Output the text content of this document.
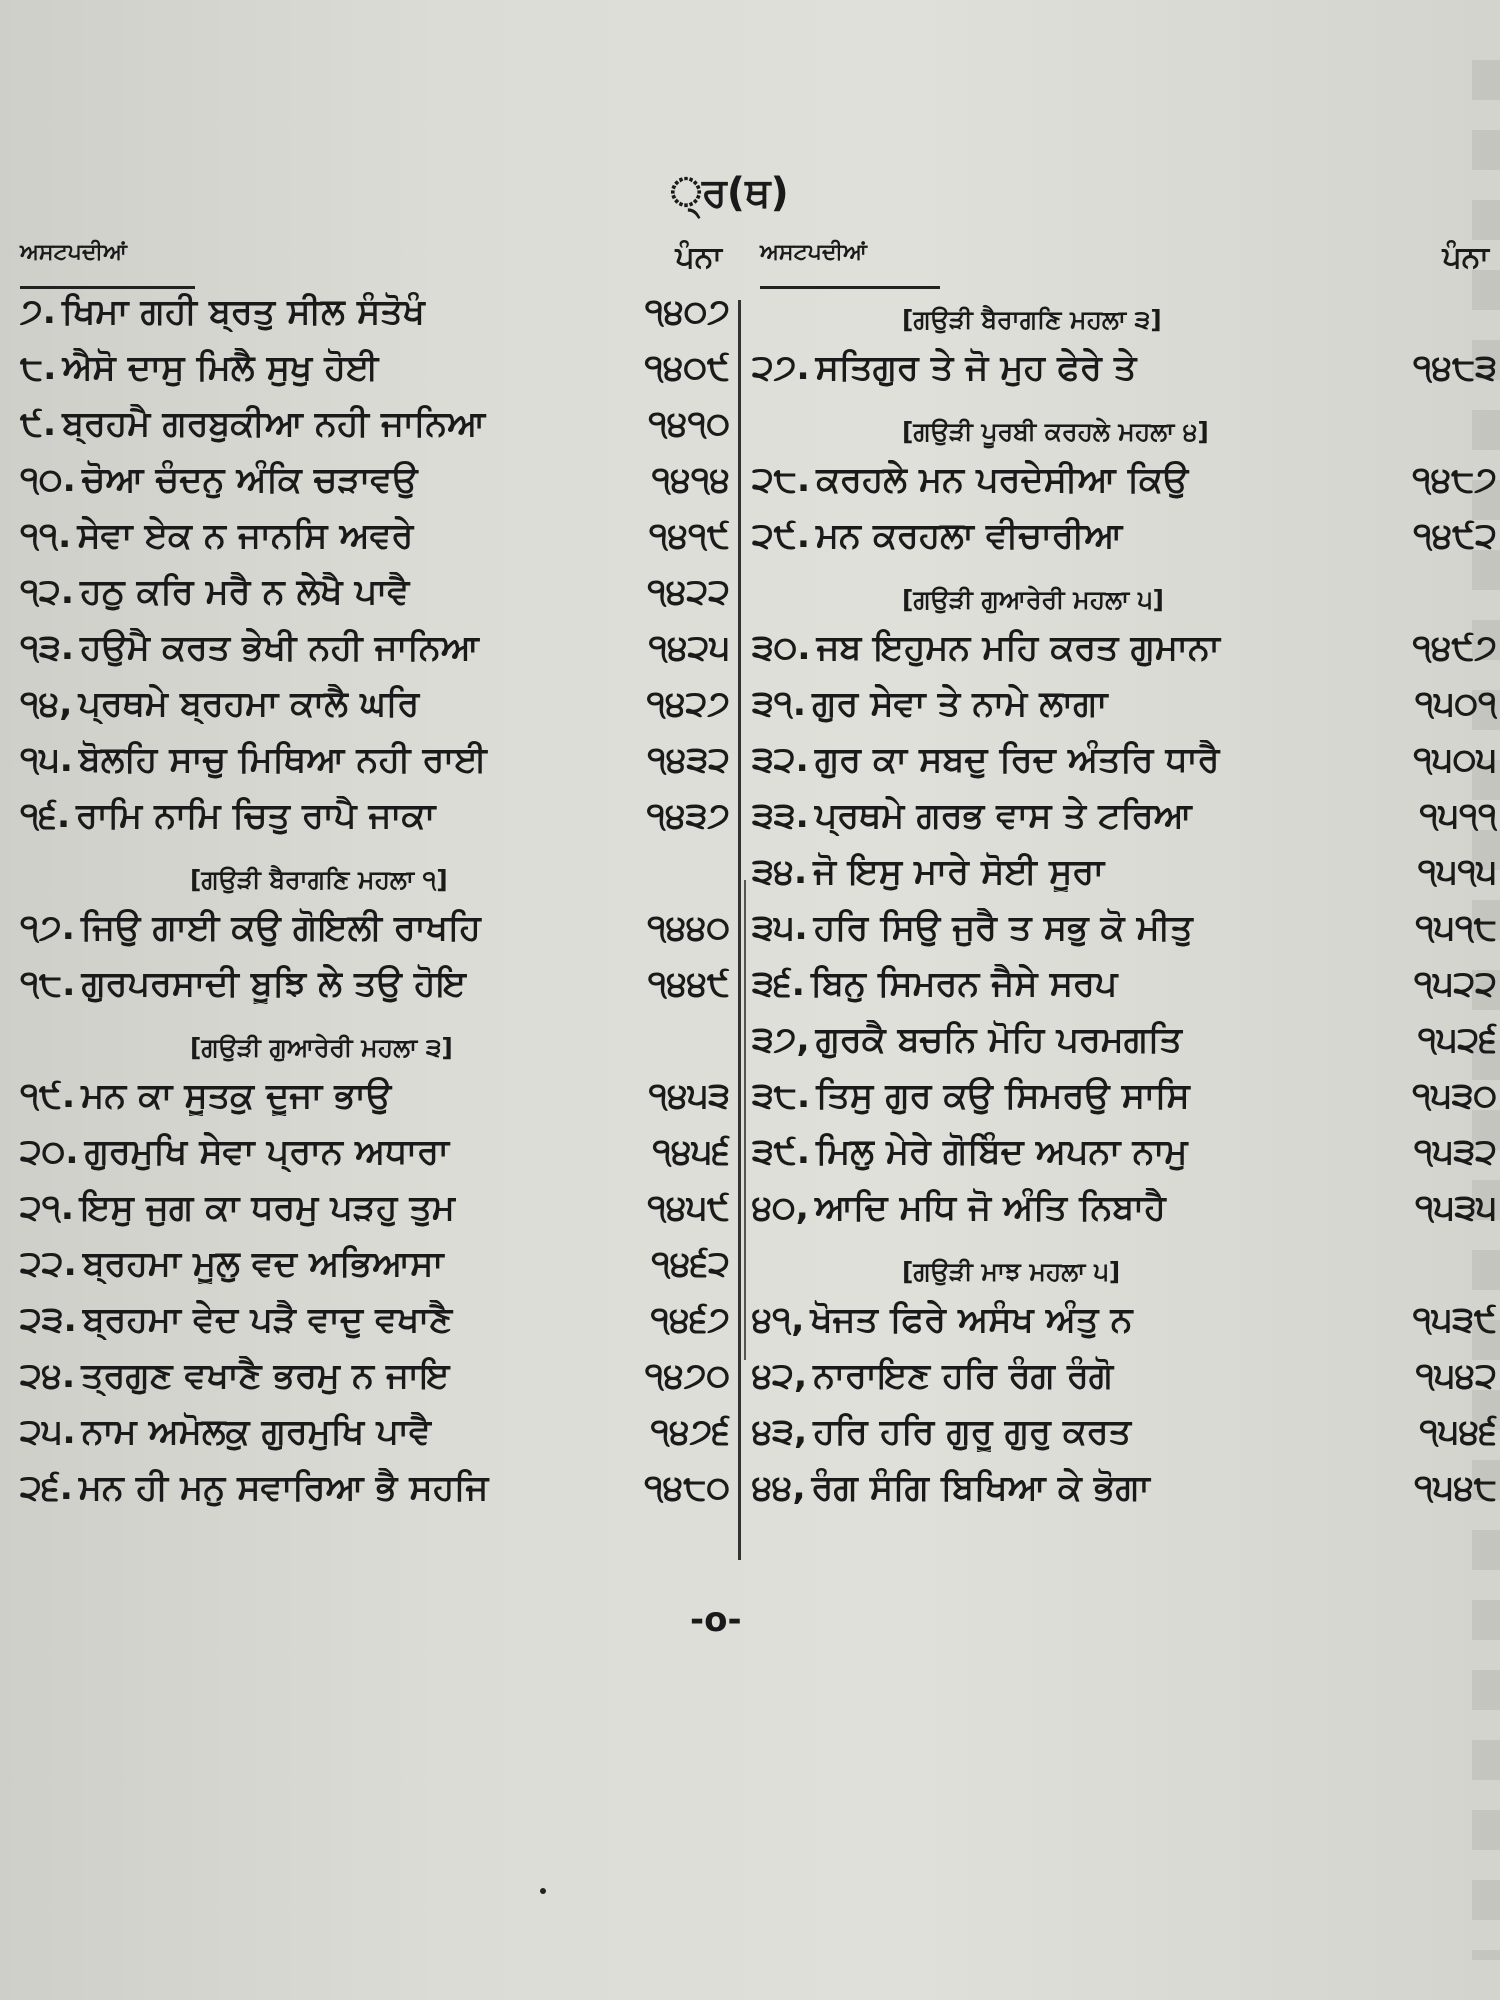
੍ਰ(ਥ)
ਅਸਟਪਦੀਆਂ	ਪੰਨਾ
੭. ਖਿਮਾ ਗਹੀ ਬ੍ਰਤੁ ਸੀਲ ਸੰਤੋਖੰ	੧੪੦੭
੮. ਐਸੋ ਦਾਸੁ ਮਿਲੈ ਸੁਖੁ ਹੋਈ	੧੪੦੯
੯. ਬ੍ਰਹਮੈ ਗਰਬੁਕੀਆ ਨਹੀ ਜਾਨਿਆ	੧੪੧੦
੧੦. ਚੋਆ ਚੰਦਨੁ ਅੰਕਿ ਚੜਾਵਉ	੧੪੧੪
੧੧. ਸੇਵਾ ਏਕ ਨ ਜਾਨਸਿ ਅਵਰੇ	੧੪੧੯
੧੨. ਹਠੁ ਕਰਿ ਮਰੈ ਨ ਲੇਖੈ ਪਾਵੈ	੧੪੨੨
੧੩. ਹਉਮੈ ਕਰਤ ਭੇਖੀ ਨਹੀ ਜਾਨਿਆ	੧੪੨੫
੧੪, ਪ੍ਰਥਮੇ ਬ੍ਰਹਮਾ ਕਾਲੈ ਘਰਿ	੧੪੨੭
੧੫. ਬੋਲਹਿ ਸਾਚੁ ਮਿਥਿਆ ਨਹੀ ਰਾਈ	੧੪੩੨
੧੬. ਰਾਮਿ ਨਾਮਿ ਚਿਤੁ ਰਾਪੈ ਜਾਕਾ	੧੪੩੭
[ਗਉੜੀ ਬੈਰਾਗਣਿ ਮਹਲਾ ੧]
੧੭. ਜਿਉ ਗਾਈ ਕਉ ਗੋਇਲੀ ਰਾਖਹਿ	੧੪੪੦
੧੮. ਗੁਰਪਰਸਾਦੀ ਬੂਝਿ ਲੇ ਤਉ ਹੋਇ	੧੪੪੯
[ਗਉੜੀ ਗੁਆਰੇਰੀ ਮਹਲਾ ੩]
੧੯. ਮਨ ਕਾ ਸੂਤਕੁ ਦੂਜਾ ਭਾਉ	੧੪੫੩
੨੦. ਗੁਰਮੁਖਿ ਸੇਵਾ ਪ੍ਰਾਨ ਅਧਾਰਾ	੧੪੫੬
੨੧. ਇਸੁ ਜੁਗ ਕਾ ਧਰਮੁ ਪੜਹੁ ਤੁਮ	੧੪੫੯
੨੨. ਬ੍ਰਹਮਾ ਮੂਲੁ ਵਦ ਅਭਿਆਸਾ	੧੪੬੨
੨੩. ਬ੍ਰਹਮਾ ਵੇਦ ਪੜੈ ਵਾਦੁ ਵਖਾਣੈ	੧੪੬੭
੨੪. ਤ੍ਰਗੁਣ ਵਖਾਣੈ ਭਰਮੁ ਨ ਜਾਇ	੧੪੭੦
੨੫. ਨਾਮ ਅਮੋਲਕੁ ਗੁਰਮੁਖਿ ਪਾਵੈ	੧੪੭੬
੨੬. ਮਨ ਹੀ ਮਨੁ ਸਵਾਰਿਆ ਭੈ ਸਹਜਿ	੧੪੮੦
ਅਸਟਪਦੀਆਂ	ਪੰਨਾ
[ਗਉੜੀ ਬੈਰਾਗਣਿ ਮਹਲਾ ੩]
੨੭. ਸਤਿਗੁਰ ਤੇ ਜੋ ਮੁਹ ਫੇਰੇ ਤੇ	੧੪੮੩
[ਗਉੜੀ ਪੂਰਬੀ ਕਰਹਲੇ ਮਹਲਾ ੪]
੨੮. ਕਰਹਲੇ ਮਨ ਪਰਦੇਸੀਆ ਕਿਉ	੧੪੮੭
੨੯. ਮਨ ਕਰਹਲਾ ਵੀਚਾਰੀਆ	੧੪੯੨
[ਗਉੜੀ ਗੁਆਰੇਰੀ ਮਹਲਾ ੫]
੩੦. ਜਬ ਇਹੁਮਨ ਮਹਿ ਕਰਤ ਗੁਮਾਨਾ	੧੪੯੭
੩੧. ਗੁਰ ਸੇਵਾ ਤੇ ਨਾਮੇ ਲਾਗਾ	੧੫੦੧
੩੨. ਗੁਰ ਕਾ ਸਬਦੁ ਰਿਦ ਅੰਤਰਿ ਧਾਰੈ	੧੫੦੫
੩੩. ਪ੍ਰਥਮੇ ਗਰਭ ਵਾਸ ਤੇ ਟਰਿਆ	੧੫੧੧
੩੪. ਜੋ ਇਸੁ ਮਾਰੇ ਸੋਈ ਸੂਰਾ	੧੫੧੫
੩੫. ਹਰਿ ਸਿਉ ਜੁਰੈ ਤ ਸਭੁ ਕੋ ਮੀਤੁ	੧੫੧੮
੩੬. ਬਿਨੁ ਸਿਮਰਨ ਜੈਸੇ ਸਰਪ	੧੫੨੨
੩੭, ਗੁਰਕੈ ਬਚਨਿ ਮੋਹਿ ਪਰਮਗਤਿ	੧੫੨੬
੩੮. ਤਿਸੁ ਗੁਰ ਕਉ ਸਿਮਰਉ ਸਾਸਿ	੧੫੩੦
੩੯. ਮਿਲੁ ਮੇਰੇ ਗੋਬਿੰਦ ਅਪਨਾ ਨਾਮੁ	੧੫੩੨
੪੦, ਆਦਿ ਮਧਿ ਜੋ ਅੰਤਿ ਨਿਬਾਹੈ	੧੫੩੫
[ਗਉੜੀ ਮਾਝ ਮਹਲਾ ੫]
੪੧, ਖੋਜਤ ਫਿਰੇ ਅਸੰਖ ਅੰਤੁ ਨ	੧੫੩੯
੪੨, ਨਾਰਾਇਣ ਹਰਿ ਰੰਗ ਰੰਗੋ	੧੫੪੨
੪੩, ਹਰਿ ਹਰਿ ਗੁਰੂ ਗੁਰੁ ਕਰਤ	੧੫੪੬
੪੪, ਰੰਗ ਸੰਗਿ ਬਿਖਿਆ ਕੇ ਭੋਗਾ	੧੫੪੮
-o-
